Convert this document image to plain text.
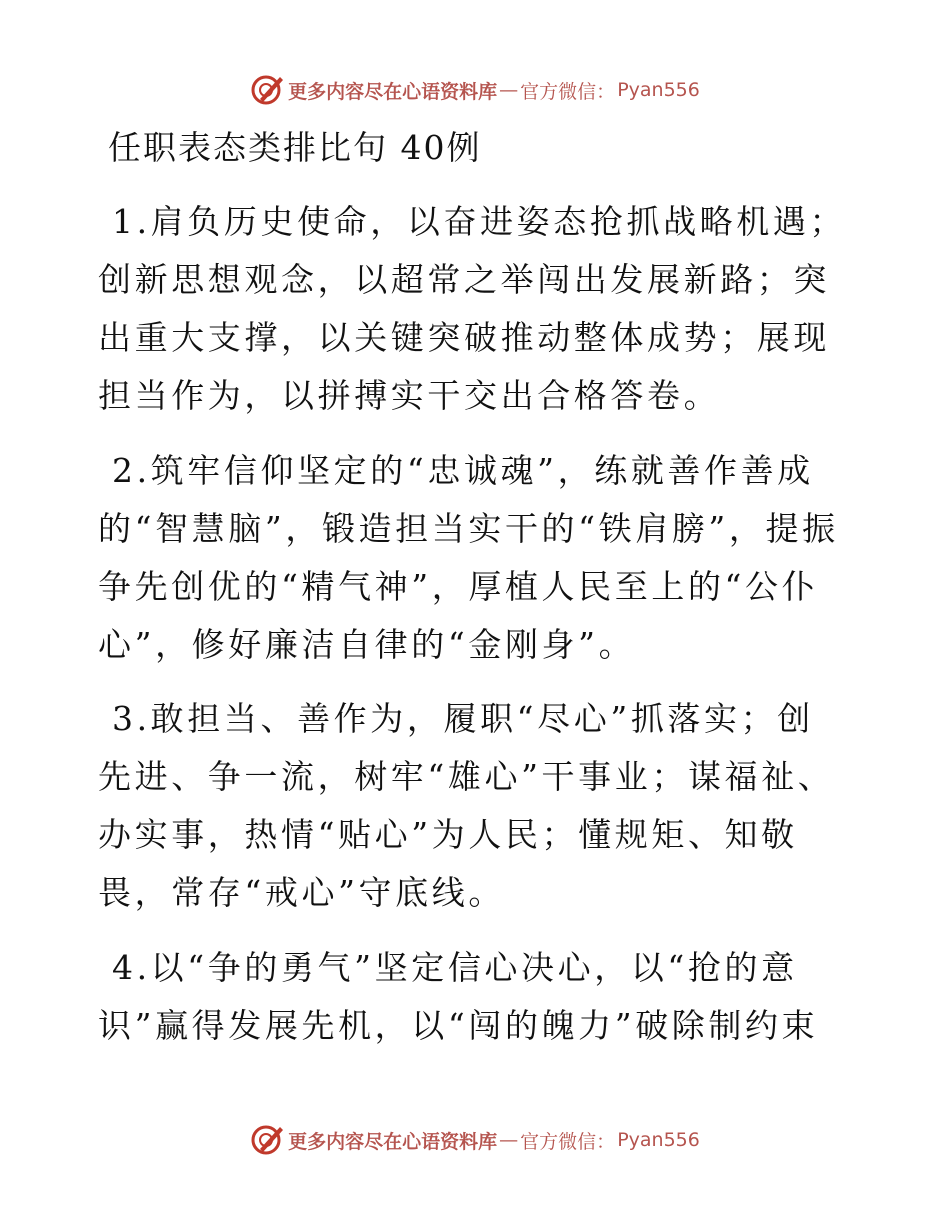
更多内容尽在心语资料库 — 官方微信： Pyan556
任职表态类排比句 40例

1.肩负历史使命，以奋进姿态抢抓战略机遇；创新思想观念，以超常之举闯出发展新路；突出重大支撑，以关键突破推动整体成势；展现担当作为，以拼搏实干交出合格答卷。

2.筑牢信仰坚定的“忠诚魂”，练就善作善成的“智慧脑”，锻造担当实干的“铁肩膀”，提振争先创优的“精气神”，厚植人民至上的“公仆心”，修好廉洁自律的“金刚身”。

3.敢担当、善作为，履职“尽心”抓落实；创先进、争一流，树牢“雄心”干事业；谋福祉、办实事，热情“贴心”为人民；懂规矩、知敬畏，常存“戒心”守底线。

4.以“争的勇气”坚定信心决心，以“抢的意识”赢得发展先机，以“闯的魄力”破除制约束

更多内容尽在心语资料库 — 官方微信： Pyan556
